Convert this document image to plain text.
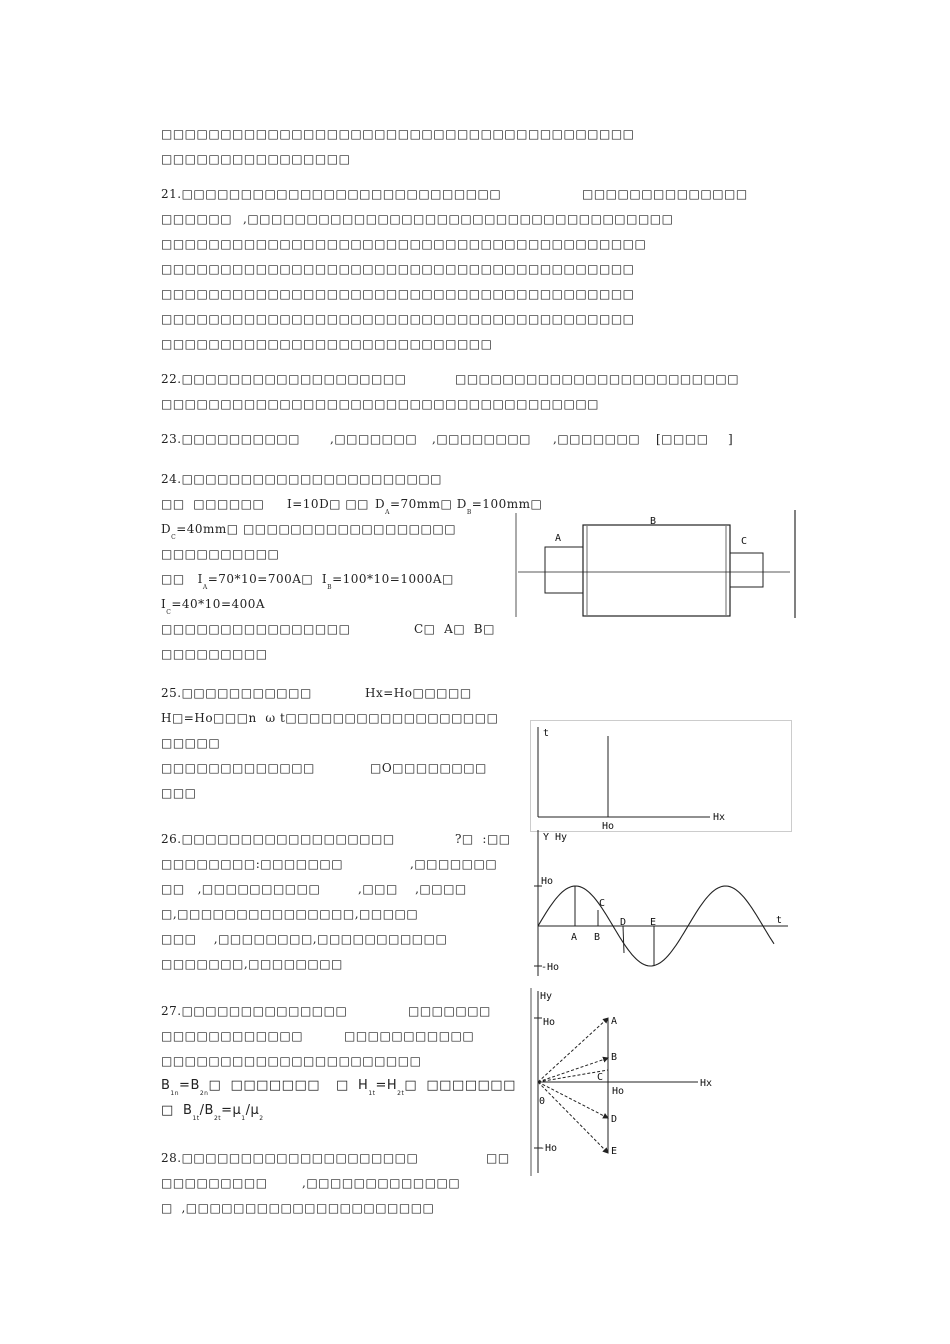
□□□□□□□□□□□□□□□□□□□□□□□□□□□□□□□□□□□□□□□□
□□□□□□□□□□□□□□□□
21.□□□□□□□□□□□□□□□□□□□□□□□□□□□	□□□□□□□□□□□□□□
□□□□□□ ,□□□□□□□□□□□□□□□□□□□□□□□□□□□□□□□□□□□□
□□□□□□□□□□□□□□□□□□□□□□□□□□□□□□□□□□□□□□□□□
□□□□□□□□□□□□□□□□□□□□□□□□□□□□□□□□□□□□□□□□
□□□□□□□□□□□□□□□□□□□□□□□□□□□□□□□□□□□□□□□□
□□□□□□□□□□□□□□□□□□□□□□□□□□□□□□□□□□□□□□□□
□□□□□□□□□□□□□□□□□□□□□□□□□□□□
22.□□□□□□□□□□□□□□□□□□□	□□□□□□□□□□□□□□□□□□□□□□□□
□□□□□□□□□□□□□□□□□□□□□□□□□□□□□□□□□□□□□
23.□□□□□□□□□□	,□□□□□□□ ,□□□□□□□□ ,□□□□□□□ [□□□□ ]
24.□□□□□□□□□□□□□□□□□□□□□□
□□  □□□□□□ I=10D□ □□ $D_A=70mm□$ $D_B=100mm□$
$D_C=40mm□$ □□□□□□□□□□□□□□□□□□
□□□□□□□□□□
□□   $I_A=70*10=700A□$  $I_B=100*10=1000A□$
$I_C=40*10=400A$
□□□□□□□□□□□□□□□□	C□  A□  B□
□□□□□□□□□
25.□□□□□□□□□□□	Hx=Ho□□□□□
H□=Ho□□□n  ω t□□□□□□□□□□□□□□□□□□
□□□□□
□□□□□□□□□□□□□	□O□□□□□□□□
□□□
26.□□□□□□□□□□□□□□□□□□	?□  :□□
□□□□□□□□:□□□□□□□	,□□□□□□□
□□   ,□□□□□□□□□□	,□□□    ,□□□□
□,□□□□□□□□□□□□□□□,□□□□□
□□□    ,□□□□□□□□,□□□□□□□□□□□
□□□□□□□,□□□□□□□□
27.□□□□□□□□□□□□□□	□□□□□□□
□□□□□□□□□□□□	□□□□□□□□□□□
□□□□□□□□□□□□□□□□□□□□□□
$B_{1n}=B_{2n}□$  □□□□□□□ □  $H_{1t}=H_{2t}□$  □□□□□□□
□  $B_{1t}/B_{2t}=\mu_1/\mu_2$
28.□□□□□□□□□□□□□□□□□□□□	□□
□□□□□□□□□	,□□□□□□□□□□□□□
□  ,□□□□□□□□□□□□□□□□□□□□□
A
B
C
t
Ho
Hx
Y Hy
Ho
-Ho
t
A B
C
D E
Hy
Ho	A
B
C
Ho
Hx
0
D
-Ho	E
